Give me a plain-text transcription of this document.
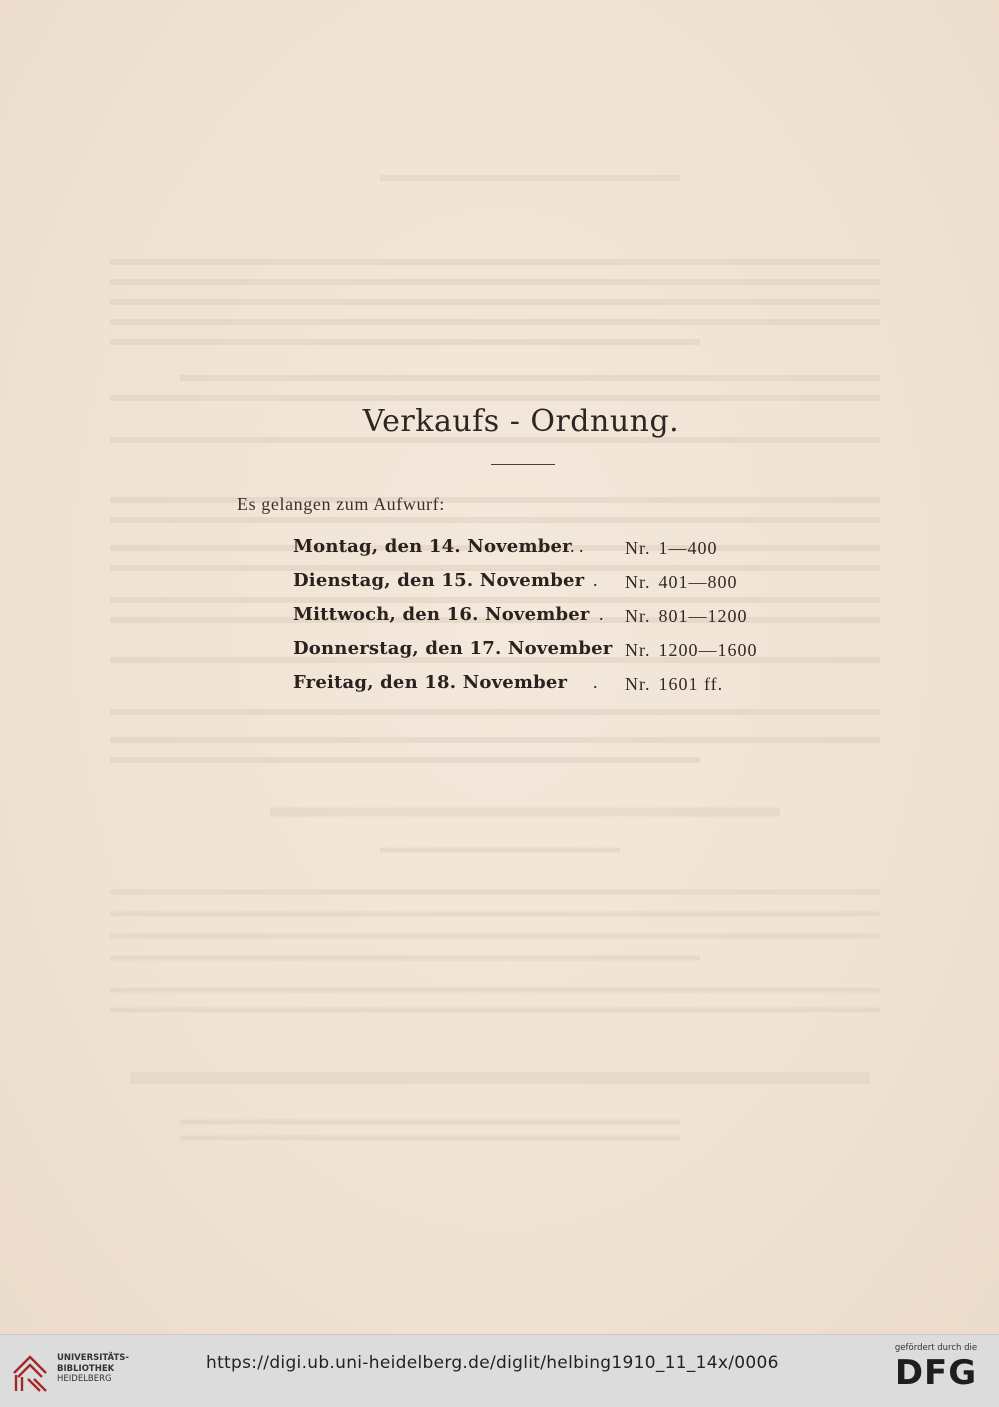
Verkaufs - Ordnung.
Es gelangen zum Aufwurf:
Montag, den 14. November
. . Nr. 1—400
Dienstag, den 15. November . Nr. 401—800
Mittwoch, den 16. November . Nr. 801—1200
Donnerstag, den 17. November Nr. 1200—1600
Freitag, den 18. November . Nr. 1601 ff.
UNIVERSITÄTS-
BIBLIOTHEK
HEIDELBERG
https://digi.ub.uni-heidelberg.de/diglit/helbing1910_11_14x/0006
gefördert durch die
DFG
